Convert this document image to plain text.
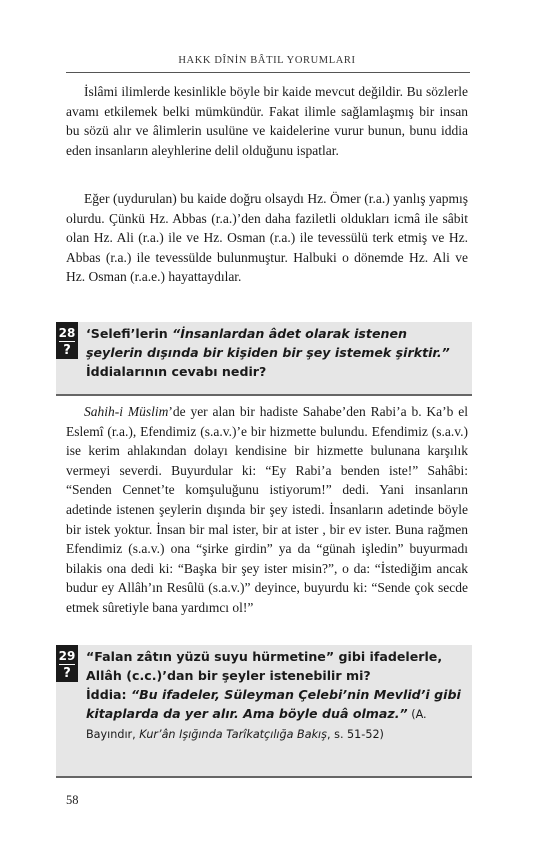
HAKK DÎNİN BÂTIL YORUMLARI

İslâmi ilimlerde kesinlikle böyle bir kaide mevcut değildir. Bu sözlerle avamı etkilemek belki mümkündür. Fakat ilimle sağlamlaşmış bir insan bu sözü alır ve âlimlerin usulüne ve kaidelerine vurur bunun, bunu iddia eden insanların aleyhlerine delil olduğunu ispatlar.

Eğer (uydurulan) bu kaide doğru olsaydı Hz. Ömer (r.a.) yanlış yapmış olurdu. Çünkü Hz. Abbas (r.a.)’den daha faziletli oldukları icmâ ile sâbit olan Hz. Ali (r.a.) ile ve Hz. Osman (r.a.) ile tevessülü terk etmiş ve Hz. Abbas (r.a.) ile tevessülde bulunmuştur. Halbuki o dönemde Hz. Ali ve Hz. Osman (r.a.e.) hayattaydılar.

28
?

‘Selefi’lerin “İnsanlardan âdet olarak istenen şeylerin dışında bir kişiden bir şey istemek şirktir.” İddialarının cevabı nedir?

Sahih-i Müslim’de yer alan bir hadiste Sahabe’den Rabi’a b. Ka’b el Eslemî (r.a.), Efendimiz (s.a.v.)’e bir hizmette bulundu. Efendimiz (s.a.v.) ise kerim ahlakından dolayı kendisine bir hizmette bulunana karşılık vermeyi severdi. Buyurdular ki: “Ey Rabi’a benden iste!” Sahâbi: “Senden Cennet’te komşuluğunu istiyorum!” dedi. Yani insanların adetinde istenen şeylerin dışında bir şey istedi. İnsanların adetinde böyle bir istek yoktur. İnsan bir mal ister, bir at ister , bir ev ister. Buna rağmen Efendimiz (s.a.v.) ona “şirke girdin” ya da “günah işledin” buyurmadı bilakis ona dedi ki: “Başka bir şey ister misin?”, o da: “İstediğim ancak budur ey Allâh’ın Resûlü (s.a.v.)” deyince, buyurdu ki: “Sende çok secde etmek sûretiyle bana yardımcı ol!”

29
?

“Falan zâtın yüzü suyu hürmetine” gibi ifadelerle, Allâh (c.c.)’dan bir şeyler istenebilir mi?
İddia: “Bu ifadeler, Süleyman Çelebi’nin Mevlid’i gibi kitaplarda da yer alır. Ama böyle duâ olmaz.” (A. Bayındır, Kur’ân Işığında Tarîkatçılığa Bakış, s. 51-52)

58
